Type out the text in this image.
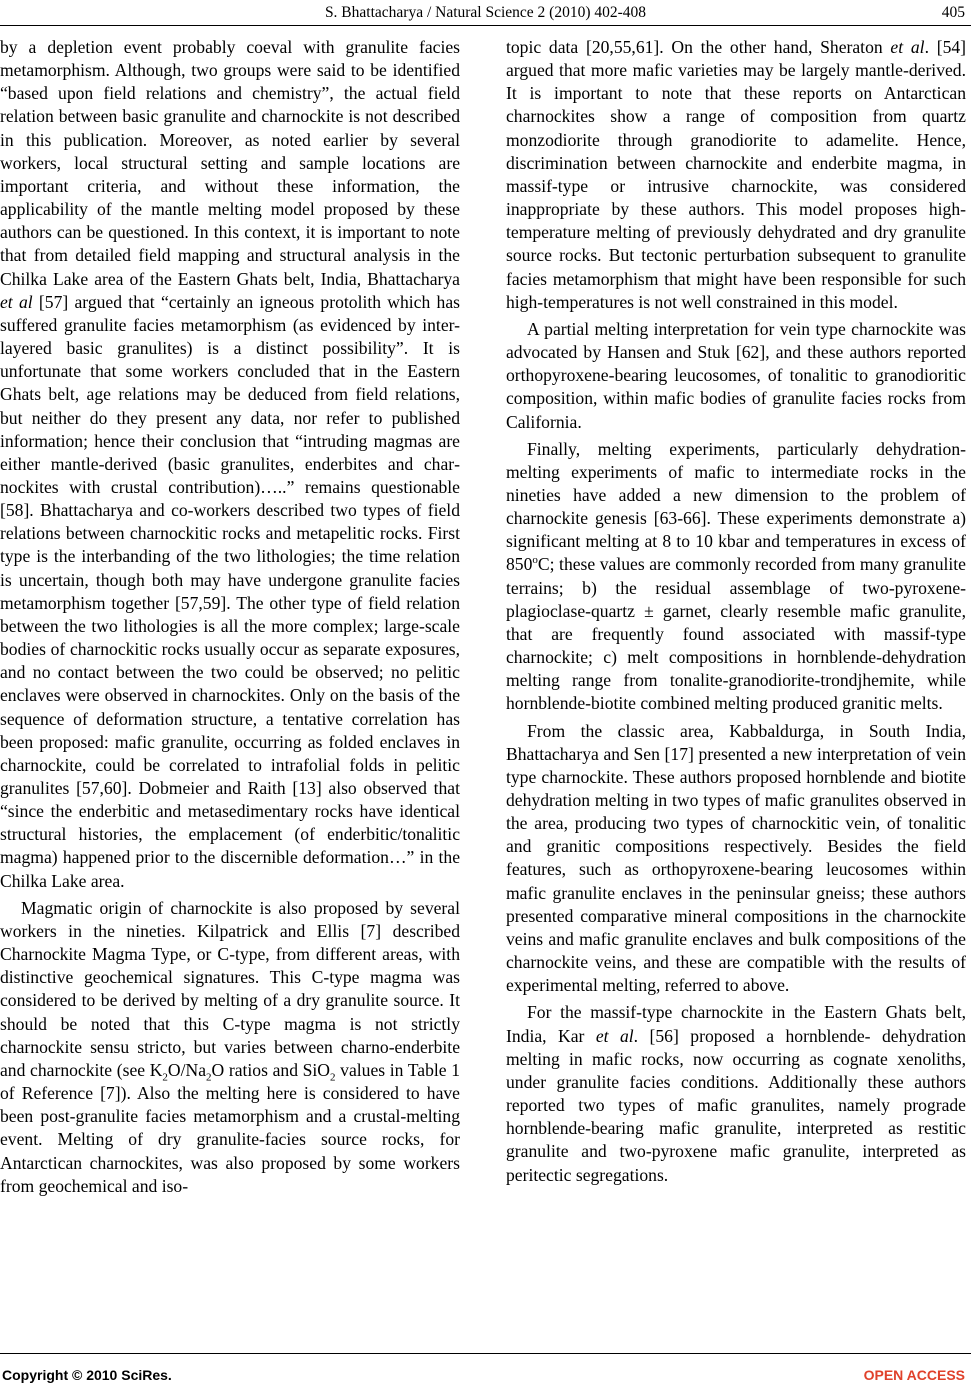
S. Bhattacharya / Natural Science 2 (2010) 402-408	405

by a depletion event probably coeval with granulite facies metamorphism. Although, two groups were said to be identified “based upon field relations and chemistry”, the actual field relation between basic granulite and charnockite is not described in this publication. Moreover, as noted earlier by several workers, local structural setting and sample locations are important criteria, and without these information, the applicability of the mantle melting model proposed by these authors can be questioned. In this context, it is important to note that from detailed field mapping and structural analysis in the Chilka Lake area of the Eastern Ghats belt, India, Bhattacharya et al [57] argued that “certainly an igneous protolith which has suffered granulite facies metamorphism (as evidenced by inter-layered basic granulites) is a distinct possibility”. It is unfortunate that some workers concluded that in the Eastern Ghats belt, age relations may be deduced from field relations, but neither do they present any data, nor refer to published information; hence their conclusion that “intruding magmas are either mantle-derived (basic granulites, enderbites and charnockites with crustal contribution)…..” remains questionable [58]. Bhattacharya and co-workers described two types of field relations between charnockitic rocks and metapelitic rocks. First type is the interbanding of the two lithologies; the time relation is uncertain, though both may have undergone granulite facies metamorphism together [57,59]. The other type of field relation between the two lithologies is all the more complex; large-scale bodies of charnockitic rocks usually occur as separate exposures, and no contact between the two could be observed; no pelitic enclaves were observed in charnockites. Only on the basis of the sequence of deformation structure, a tentative correlation has been proposed: mafic granulite, occurring as folded enclaves in charnockite, could be correlated to intrafolial folds in pelitic granulites [57,60]. Dobmeier and Raith [13] also observed that “since the enderbitic and metasedimentary rocks have identical structural histories, the emplacement (of enderbitic/tonalitic magma) happened prior to the discernible deformation…” in the Chilka Lake area.

Magmatic origin of charnockite is also proposed by several workers in the nineties. Kilpatrick and Ellis [7] described Charnockite Magma Type, or C-type, from different areas, with distinctive geochemical signatures. This C-type magma was considered to be derived by melting of a dry granulite source. It should be noted that this C-type magma is not strictly charnockite sensu stricto, but varies between charno-enderbite and charnockite (see $K_2O/Na_2O$ ratios and SiO$_2$ values in Table 1 of Reference [7]). Also the melting here is considered to have been post-granulite facies metamorphism and a crustal-melting event. Melting of dry granulite-facies source rocks, for Antarctican charnockites, was also proposed by some workers from geochemical and iso-

topic data [20,55,61]. On the other hand, Sheraton et al. [54] argued that more mafic varieties may be largely mantle-derived. It is important to note that these reports on Antarctican charnockites show a range of composition from quartz monzodiorite through granodiorite to adamelite. Hence, discrimination between charnockite and enderbite magma, in massif-type or intrusive charnockite, was considered inappropriate by these authors. This model proposes high-temperature melting of previously dehydrated and dry granulite source rocks. But tectonic perturbation subsequent to granulite facies metamorphism that might have been responsible for such high-temperatures is not well constrained in this model.

A partial melting interpretation for vein type charnockite was advocated by Hansen and Stuk [62], and these authors reported orthopyroxene-bearing leucosomes, of tonalitic to granodioritic composition, within mafic bodies of granulite facies rocks from California.

Finally, melting experiments, particularly dehydration-melting experiments of mafic to intermediate rocks in the nineties have added a new dimension to the problem of charnockite genesis [63-66]. These experiments demonstrate a) significant melting at 8 to 10 kbar and temperatures in excess of 850$^o$C; these values are commonly recorded from many granulite terrains; b) the residual assemblage of two-pyroxene-plagioclase-quartz ± garnet, clearly resemble mafic granulite, that are frequently found associated with massif-type charnockite; c) melt compositions in hornblende-dehydration melting range from tonalite-granodiorite-trondjhemite, while hornblende-biotite combined melting produced granitic melts.

From the classic area, Kabbaldurga, in South India, Bhattacharya and Sen [17] presented a new interpretation of vein type charnockite. These authors proposed hornblende and biotite dehydration melting in two types of mafic granulites observed in the area, producing two types of charnockitic vein, of tonalitic and granitic compositions respectively. Besides the field features, such as orthopyroxene-bearing leucosomes within mafic granulite enclaves in the peninsular gneiss; these authors presented comparative mineral compositions in the charnockite veins and mafic granulite enclaves and bulk compositions of the charnockite veins, and these are compatible with the results of experimental melting, referred to above.

For the massif-type charnockite in the Eastern Ghats belt, India, Kar et al. [56] proposed a hornblende- dehydration melting in mafic rocks, now occurring as cognate xenoliths, under granulite facies conditions. Additionally these authors reported two types of mafic granulites, namely prograde hornblende-bearing mafic granulite, interpreted as restitic granulite and two-pyroxene mafic granulite, interpreted as peritectic segregations.

Copyright © 2010 SciRes.	OPEN ACCESS
